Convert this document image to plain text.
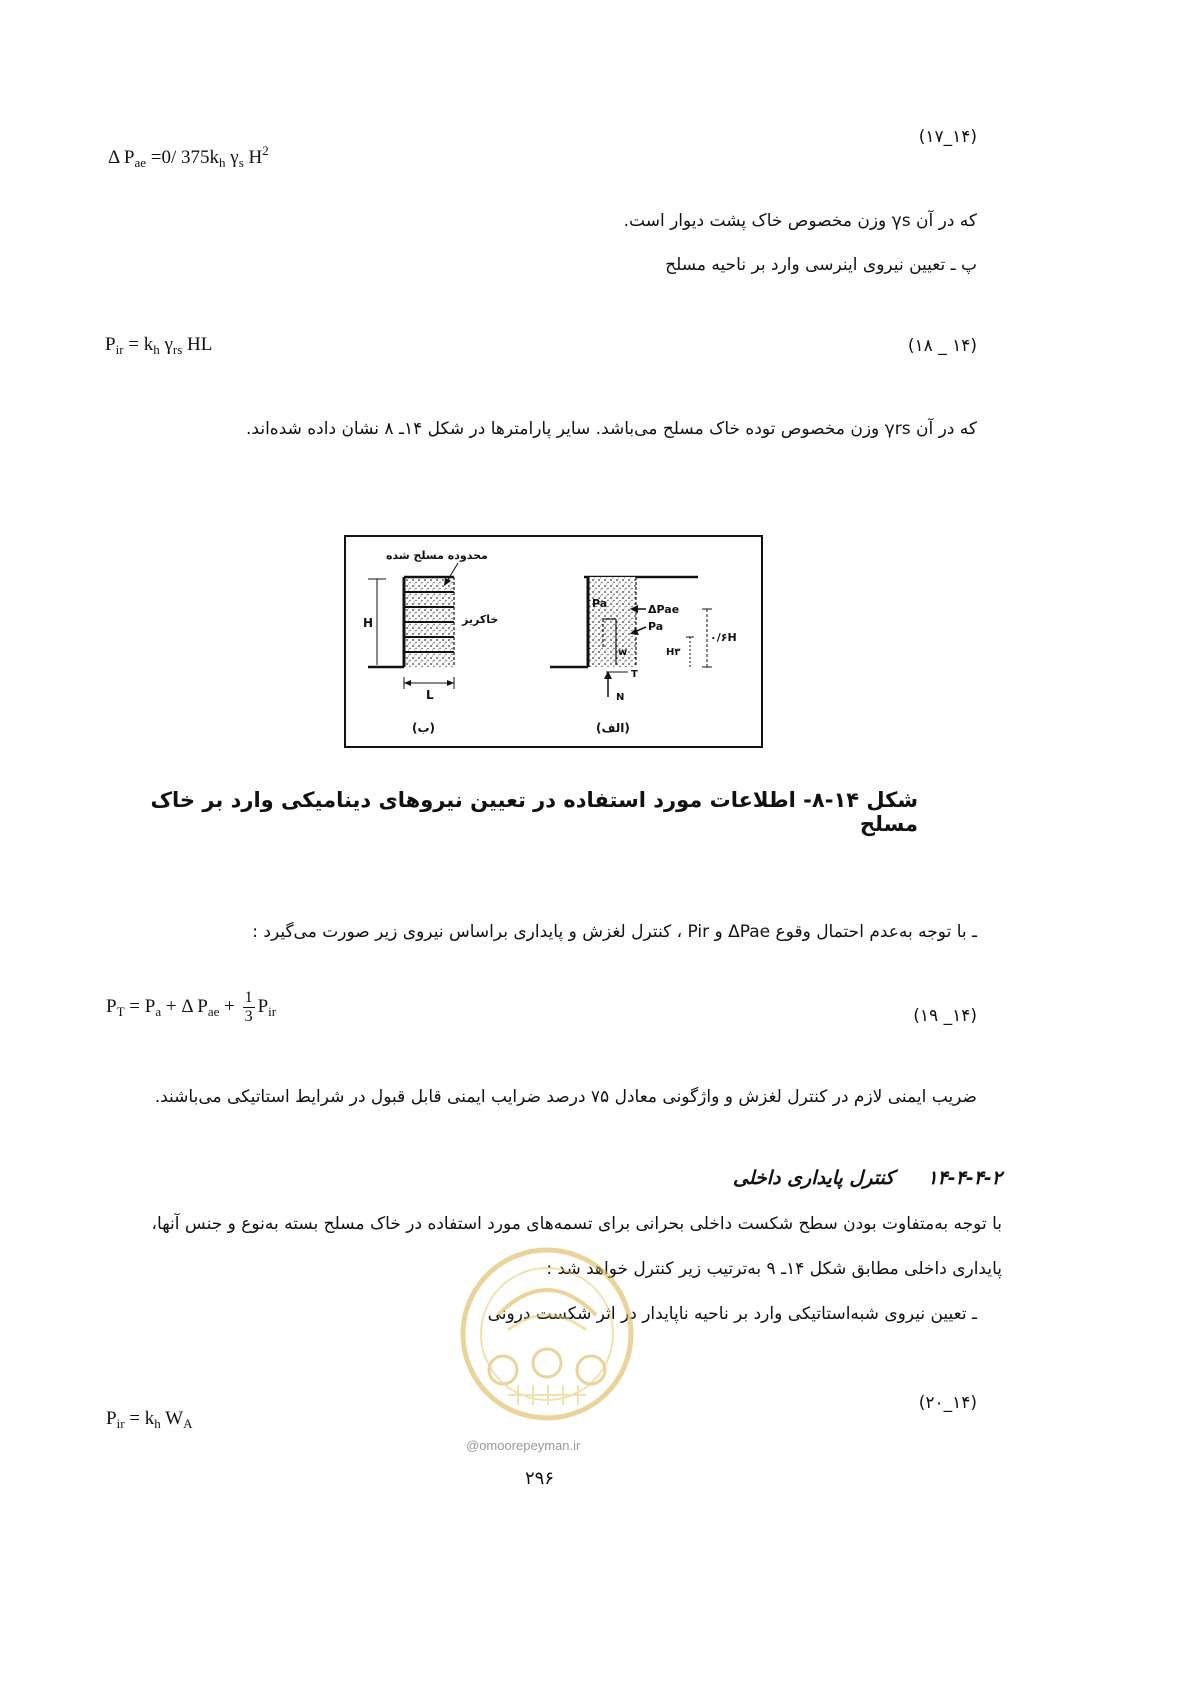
(۱۷_۱۴)
Δ $P_{ae} =0/$ $375k_h$ $\gamma_s$ $H^2$
که در آن γs وزن مخصوص خاک پشت دیوار است.
پ ـ تعیین نیروی اینرسی وارد بر ناحیه مسلح
$P_{ir} = k_h$ $\gamma_{rs}$ HL	(۱۸ _ ۱۴)
که در آن γrs وزن مخصوص توده خاک مسلح می‌باشد. سایر پارامترها در شکل ۱۴ـ ۸ نشان داده شده‌اند.
Pa	ΔPae
Pa
w
T
N
۰/۶H
H۳
(الف)
H
L
محدوده مسلح شده
خاکریز
(ب)
شکل ۱۴-۸- اطلاعات مورد استفاده در تعیین نیروهای دینامیکی وارد بر خاک مسلح
ـ با توجه به‌عدم احتمال وقوع ΔPae و Pir ، کنترل لغزش و پایداری براساس نیروی زیر صورت می‌گیرد :
$P_T = P_a + \Delta$ $P_{ae} + \frac{1}{3} P_{ir}$	(۱۹ _۱۴)
ضریب ایمنی لازم در کنترل لغزش و واژگونی معادل ۷۵ درصد ضرایب ایمنی قابل قبول در شرایط استاتیکی می‌باشند.
۱۴-۴-۴-۲     کنترل پایداری داخلی
با توجه به‌متفاوت بودن سطح شکست داخلی بحرانی برای تسمه‌های مورد استفاده در خاک مسلح بسته به‌نوع و جنس آنها،
پایداری داخلی مطابق شکل ۱۴ـ ۹ به‌ترتیب زیر کنترل خواهد شد :
ـ تعیین نیروی شبه‌استاتیکی وارد بر ناحیه ناپایدار در اثر شکست درونی
@omoorepeyman.ir
(۲۰_۱۴)
$P_{ir} = k_h$ $W_A$
۲۹۶
